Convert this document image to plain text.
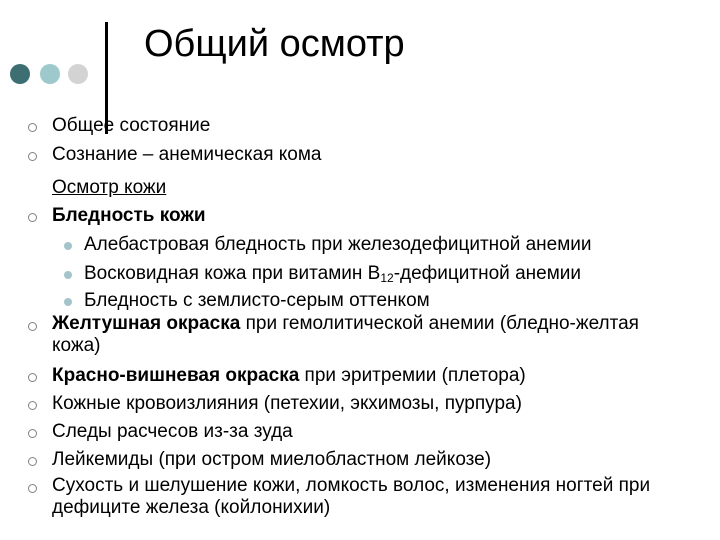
Общий осмотр
Общее состояние
Сознание – анемическая кома
Осмотр кожи
Бледность кожи
Алебастровая бледность при железодефицитной анемии
Восковидная кожа при витамин $B_{12}$-дефицитной анемии
Бледность с землисто-серым оттенком
Желтушная окраска при гемолитической анемии (бледно-желтая кожа)
Красно-вишневая окраска при эритремии (плетора)
Кожные кровоизлияния (петехии, экхимозы, пурпура)
Следы расчесов из-за зуда
Лейкемиды (при остром миелобластном лейкозе)
Сухость и шелушение кожи, ломкость волос, изменения ногтей при дефиците железа (койлонихии)
